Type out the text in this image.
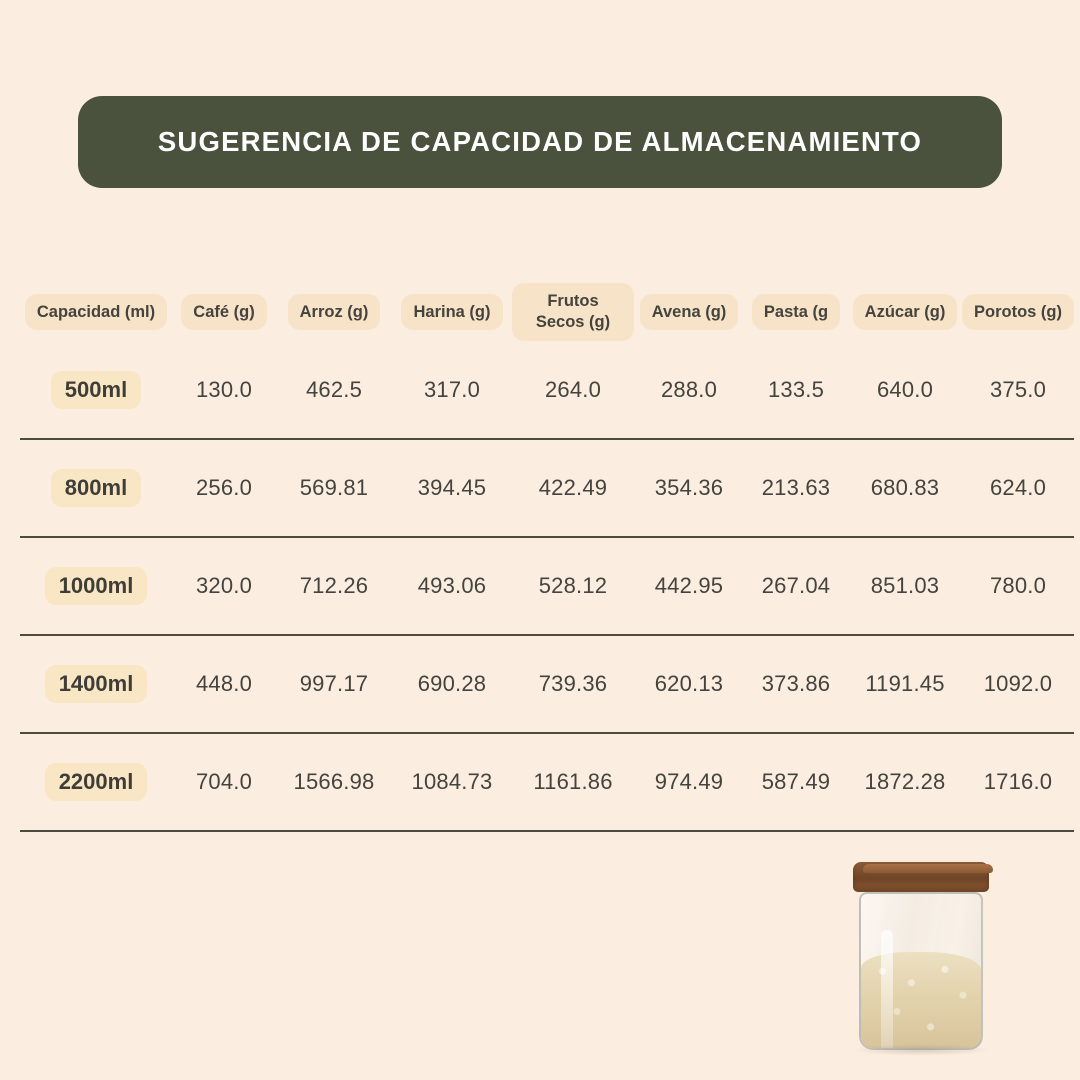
SUGERENCIA DE CAPACIDAD DE ALMACENAMIENTO
Capacidad (ml)	Café (g)	Arroz (g)	Harina (g)	Frutos Secos (g)	Avena (g)	Pasta (g	Azúcar (g)	Porotos (g)
500ml	130.0	462.5	317.0	264.0	288.0	133.5	640.0	375.0
800ml	256.0	569.81	394.45	422.49	354.36	213.63	680.83	624.0
1000ml	320.0	712.26	493.06	528.12	442.95	267.04	851.03	780.0
1400ml	448.0	997.17	690.28	739.36	620.13	373.86	1191.45	1092.0
2200ml	704.0	1566.98	1084.73	1161.86	974.49	587.49	1872.28	1716.0
